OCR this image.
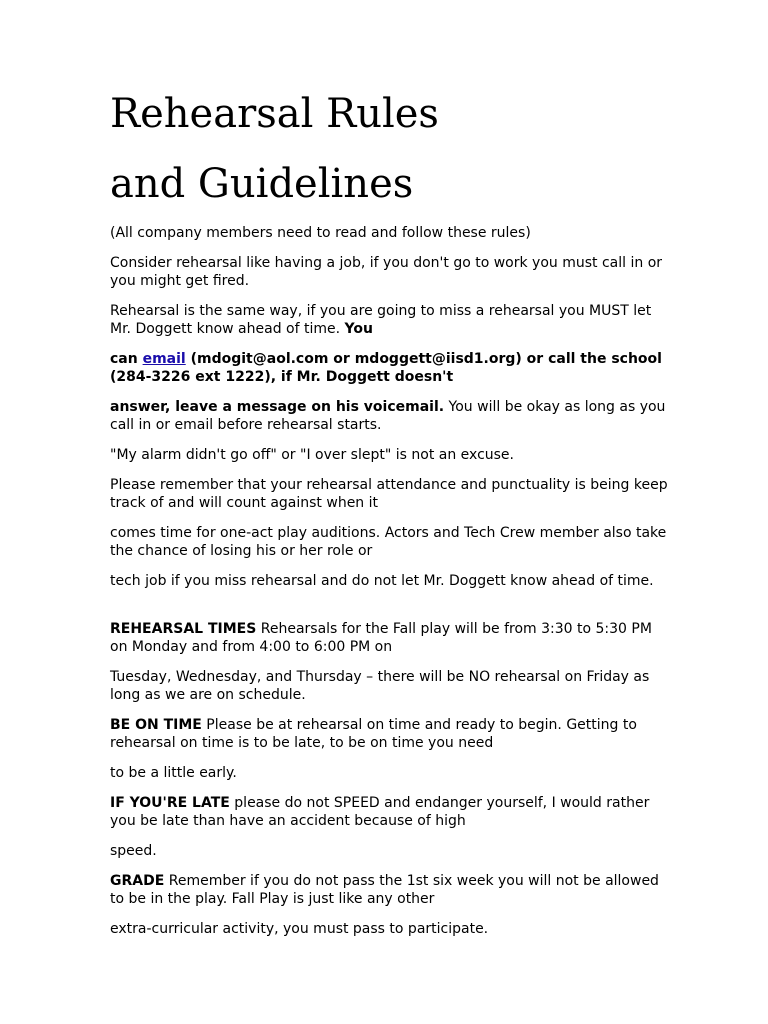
Rehearsal Rules
and Guidelines

(All company members need to read and follow these rules)

Consider rehearsal like having a job, if you don't go to work you must call in or you might get fired.

Rehearsal is the same way, if you are going to miss a rehearsal you MUST let Mr. Doggett know ahead of time. You

can email (mdogit@aol.com or mdoggett@iisd1.org) or call the school (284-3226 ext 1222), if Mr. Doggett doesn't

answer, leave a message on his voicemail. You will be okay as long as you call in or email before rehearsal starts.

"My alarm didn't go off" or "I over slept" is not an excuse.

Please remember that your rehearsal attendance and punctuality is being keep track of and will count against when it

comes time for one-act play auditions. Actors and Tech Crew member also take the chance of losing his or her role or

tech job if you miss rehearsal and do not let Mr. Doggett know ahead of time.

REHEARSAL TIMES Rehearsals for the Fall play will be from 3:30 to 5:30 PM on Monday and from 4:00 to 6:00 PM on

Tuesday, Wednesday, and Thursday – there will be NO rehearsal on Friday as long as we are on schedule.

BE ON TIME Please be at rehearsal on time and ready to begin. Getting to rehearsal on time is to be late, to be on time you need

to be a little early.

IF YOU'RE LATE please do not SPEED and endanger yourself, I would rather you be late than have an accident because of high

speed.

GRADE Remember if you do not pass the 1st six week you will not be allowed to be in the play. Fall Play is just like any other

extra-curricular activity, you must pass to participate.
